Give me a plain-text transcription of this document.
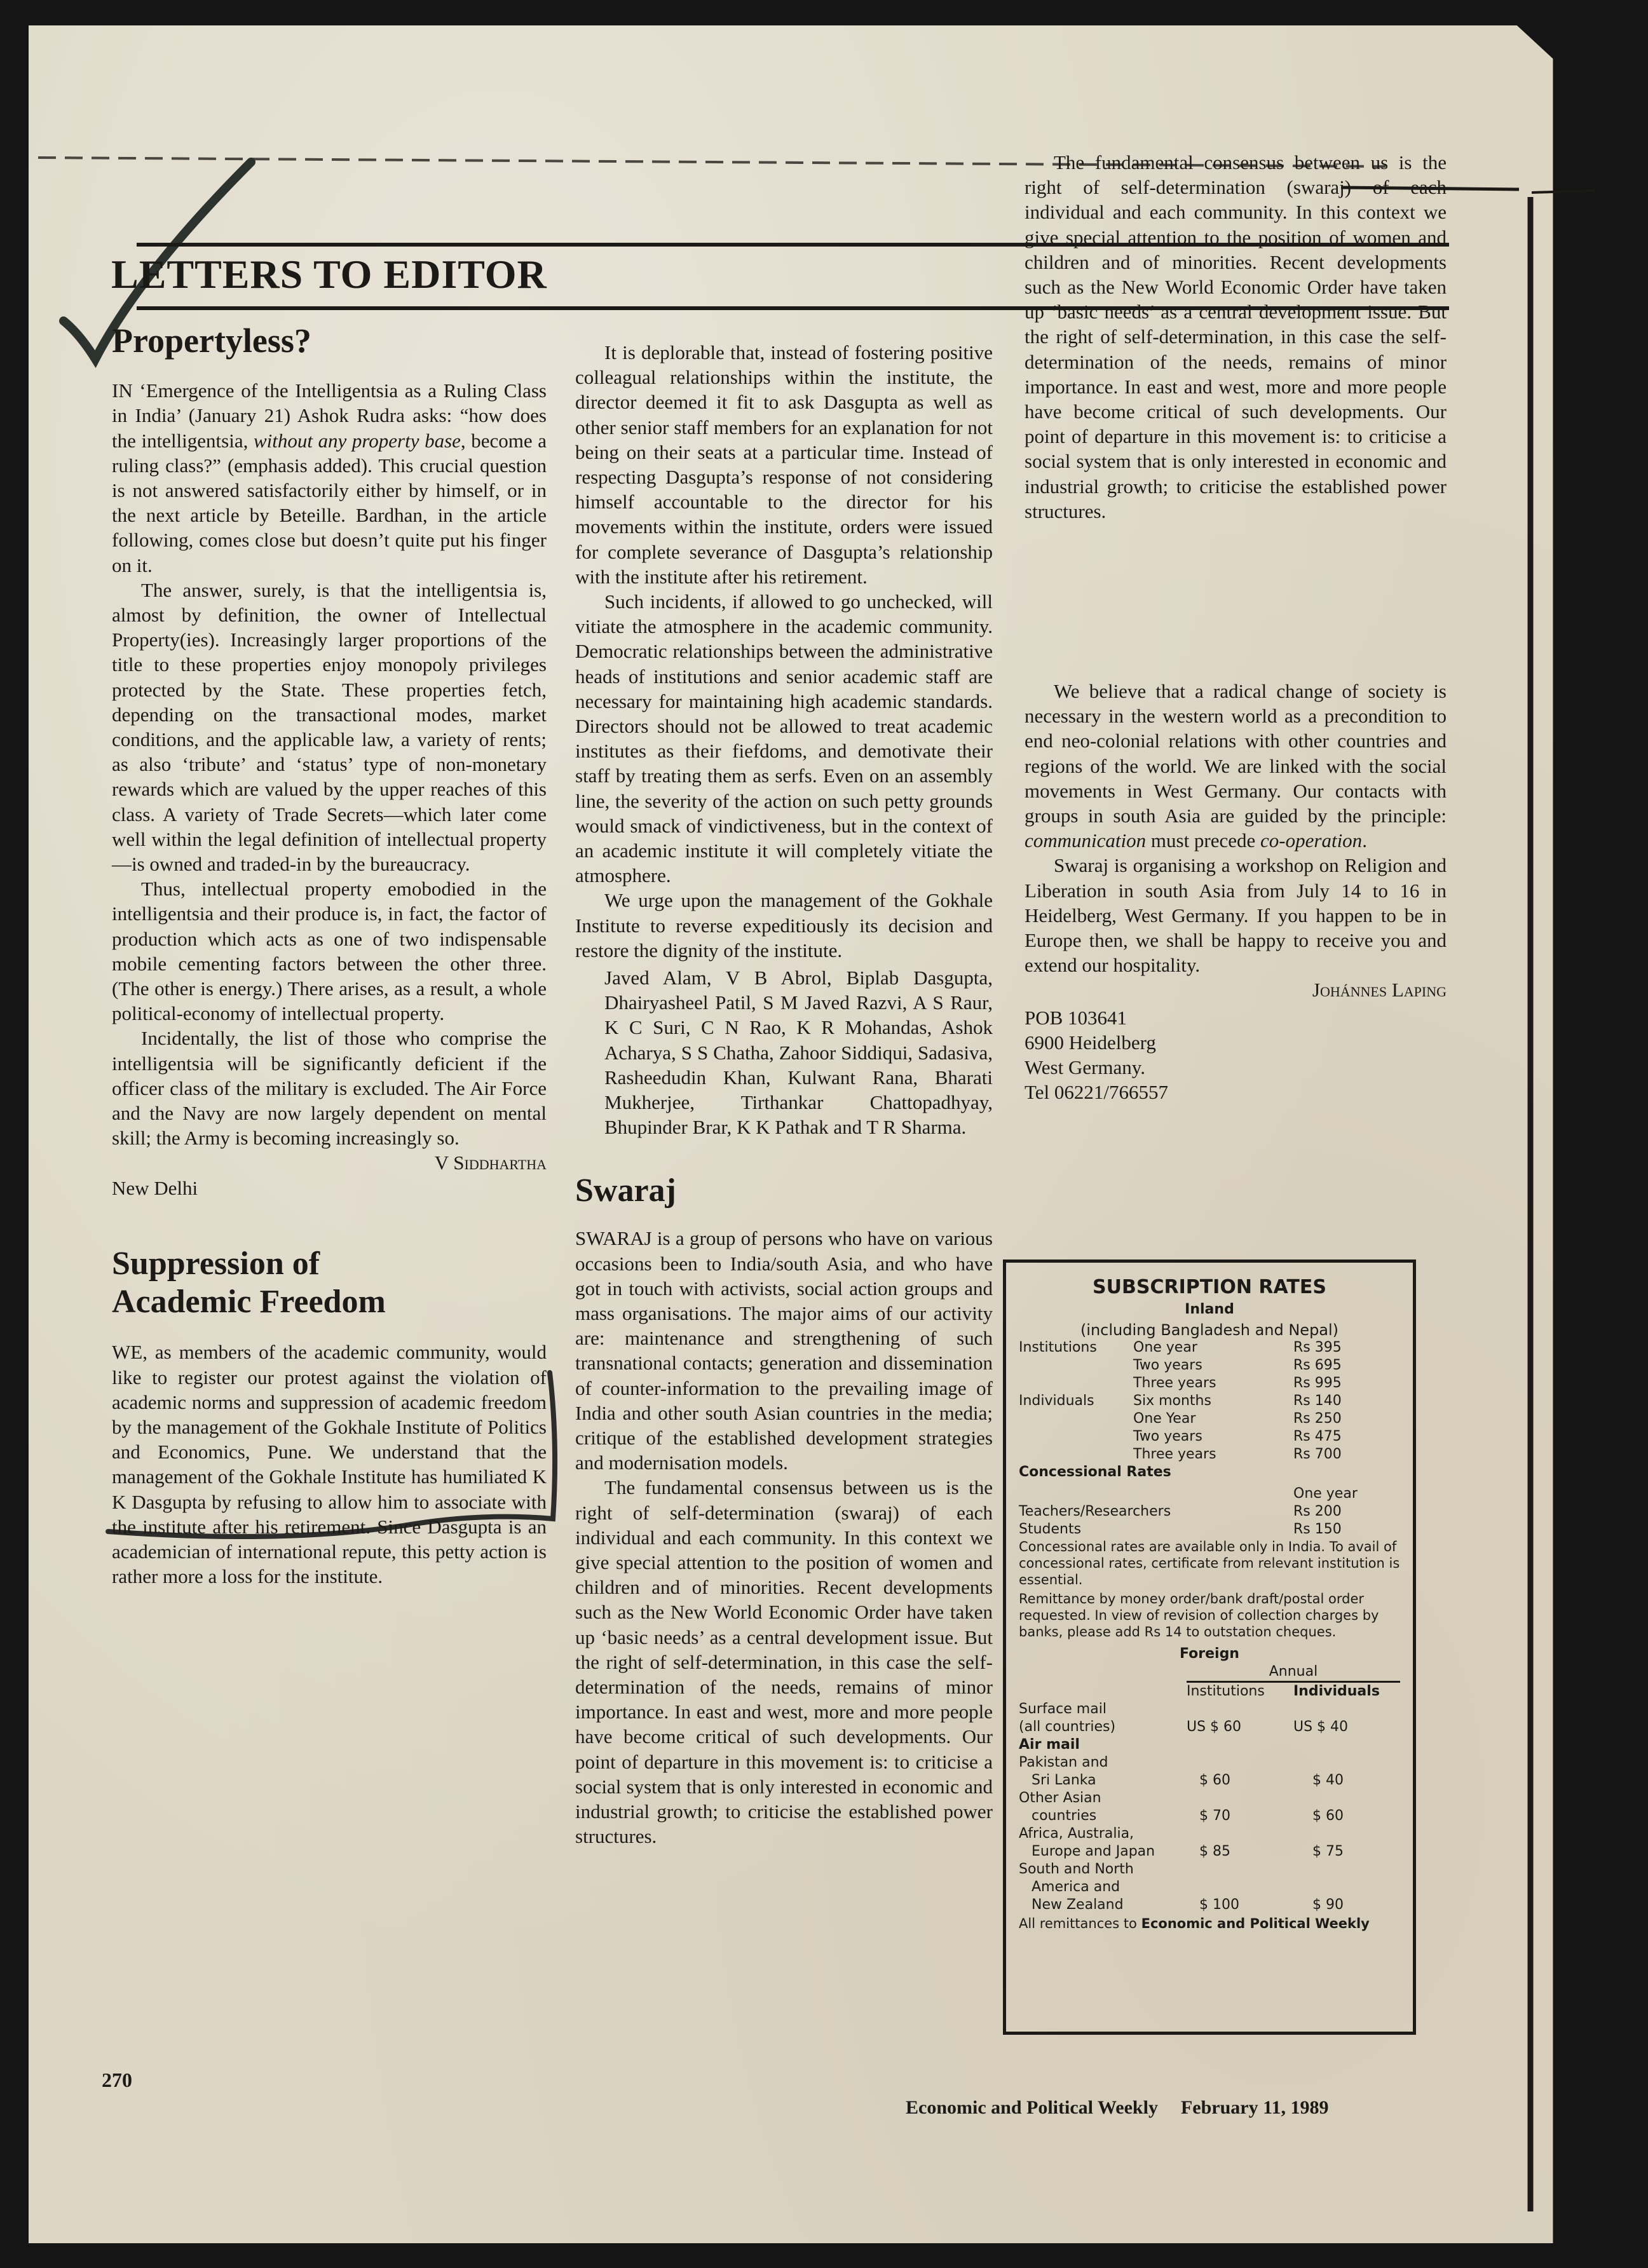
LETTERS TO EDITOR
Propertyless?

IN ‘Emergence of the Intelligentsia as a Ruling Class in India’ (January 21) Ashok Rudra asks: “how does the intelligentsia, without any property base, become a ruling class?” (emphasis added). This crucial question is not answered satisfactorily either by himself, or in the next article by Beteille. Bardhan, in the article following, comes close but doesn’t quite put his finger on it.

The answer, surely, is that the intelligentsia is, almost by definition, the owner of Intellectual Property(ies). Increasingly larger proportions of the title to these properties enjoy monopoly privileges protected by the State. These properties fetch, depending on the transactional modes, market conditions, and the applicable law, a variety of rents; as also ‘tribute’ and ‘status’ type of non-monetary rewards which are valued by the upper reaches of this class. A variety of Trade Secrets—which later come well within the legal definition of intellectual property—is owned and traded-in by the bureaucracy.

Thus, intellectual property emobodied in the intelligentsia and their produce is, in fact, the factor of production which acts as one of two indispensable mobile cementing factors between the other three. (The other is energy.) There arises, as a result, a whole political-economy of intellectual property.

Incidentally, the list of those who comprise the intelligentsia will be significantly deficient if the officer class of the military is excluded. The Air Force and the Navy are now largely dependent on mental skill; the Army is becoming increasingly so.

V Siddhartha

New Delhi

Suppression of
Academic Freedom

WE, as members of the academic community, would like to register our protest against the violation of academic norms and suppression of academic freedom by the management of the Gokhale Institute of Politics and Economics, Pune. We understand that the management of the Gokhale Institute has humiliated K K Dasgupta by refusing to allow him to associate with the institute after his retirement. Since Dasgupta is an academician of international repute, this petty action is rather more a loss for the institute.

It is deplorable that, instead of fostering positive colleagual relationships within the institute, the director deemed it fit to ask Dasgupta as well as other senior staff members for an explanation for not being on their seats at a particular time. Instead of respecting Dasgupta’s response of not considering himself accountable to the director for his movements within the institute, orders were issued for complete severance of Dasgupta’s relationship with the institute after his retirement.

Such incidents, if allowed to go unchecked, will vitiate the atmosphere in the academic community. Democratic relationships between the administrative heads of institutions and senior academic staff are necessary for maintaining high academic standards. Directors should not be allowed to treat academic institutes as their fiefdoms, and demotivate their staff by treating them as serfs. Even on an assembly line, the severity of the action on such petty grounds would smack of vindictiveness, but in the context of an academic institute it will completely vitiate the atmosphere.

We urge upon the management of the Gokhale Institute to reverse expeditiously its decision and restore the dignity of the institute.

Javed Alam, V B Abrol, Biplab Dasgupta, Dhairyasheel Patil, S M Javed Razvi, A S Raur, K C Suri, C N Rao, K R Mohandas, Ashok Acharya, S S Chatha, Zahoor Siddiqui, Sadasiva, Rasheedudin Khan, Kulwant Rana, Bharati Mukherjee, Tirthankar Chattopadhyay, Bhupinder Brar, K K Pathak and T R Sharma.

Swaraj

SWARAJ is a group of persons who have on various occasions been to India/south Asia, and who have got in touch with activists, social action groups and mass organisations. The major aims of our activity are: maintenance and strengthening of such transnational contacts; generation and dissemination of counter-information to the prevailing image of India and other south Asian countries in the media; critique of the established development strategies and modernisation models.

The fundamental consensus between us is the right of self-determination (swaraj) of each individual and each community. In this context we give special attention to the position of women and children and of minorities. Recent developments such as the New World Economic Order have taken up ‘basic needs’ as a central development issue. But the right of self-determination, in this case the self-determination of the needs, remains of minor importance. In east and west, more and more people have become critical of such developments. Our point of departure in this movement is: to criticise a social system that is only interested in economic and industrial growth; to criticise the established power structures.

The fundamental consensus between us is the right of self-determination (swaraj) of each individual and each community. In this context we give special attention to the position of women and children and of minorities. Recent developments such as the New World Economic Order have taken up ‘basic needs’ as a central development issue. But the right of self-determination, in this case the self-determination of the needs, remains of minor importance. In east and west, more and more people have become critical of such developments. Our point of departure in this movement is: to criticise a social system that is only interested in economic and industrial growth; to criticise the established power structures.

We believe that a radical change of society is necessary in the western world as a precondition to end neo-colonial relations with other countries and regions of the world. We are linked with the social movements in West Germany. Our contacts with groups in south Asia are guided by the principle: communication must precede co-operation.

Swaraj is organising a workshop on Religion and Liberation in south Asia from July 14 to 16 in Heidelberg, West Germany. If you happen to be in Europe then, we shall be happy to receive you and extend our hospitality.

Johánnes Laping

POB 103641

6900 Heidelberg

West Germany.

Tel 06221/766557

SUBSCRIPTION RATES
Inland
(including Bangladesh and Nepal)
Institutions	One year	Rs 395
	Two years	Rs 695
	Three years	Rs 995
Individuals	Six months	Rs 140
	One Year	Rs 250
	Two years	Rs 475
	Three years	Rs 700
Concessional Rates
	One year
Teachers/Researchers	Rs 200
Students	Rs 150
Concessional rates are available only in India. To avail of concessional rates, certificate from relevant institution is essential.
Remittance by money order/bank draft/postal order requested. In view of revision of collection charges by banks, please add Rs 14 to outstation cheques.
Foreign
	Annual	
	Institutions	Individuals
Surface mail
(all countries)	US $ 60	US $ 40
Air mail		
Pakistan and
Sri Lanka	$ 60	$ 40
Other Asian
countries	$ 70	$ 60
Africa, Australia,
Europe and Japan	$ 85	$ 75
South and North
America and
New Zealand	$ 100	$ 90
All remittances to Economic and Political Weekly
270
Economic and Political Weekly February 11, 1989
